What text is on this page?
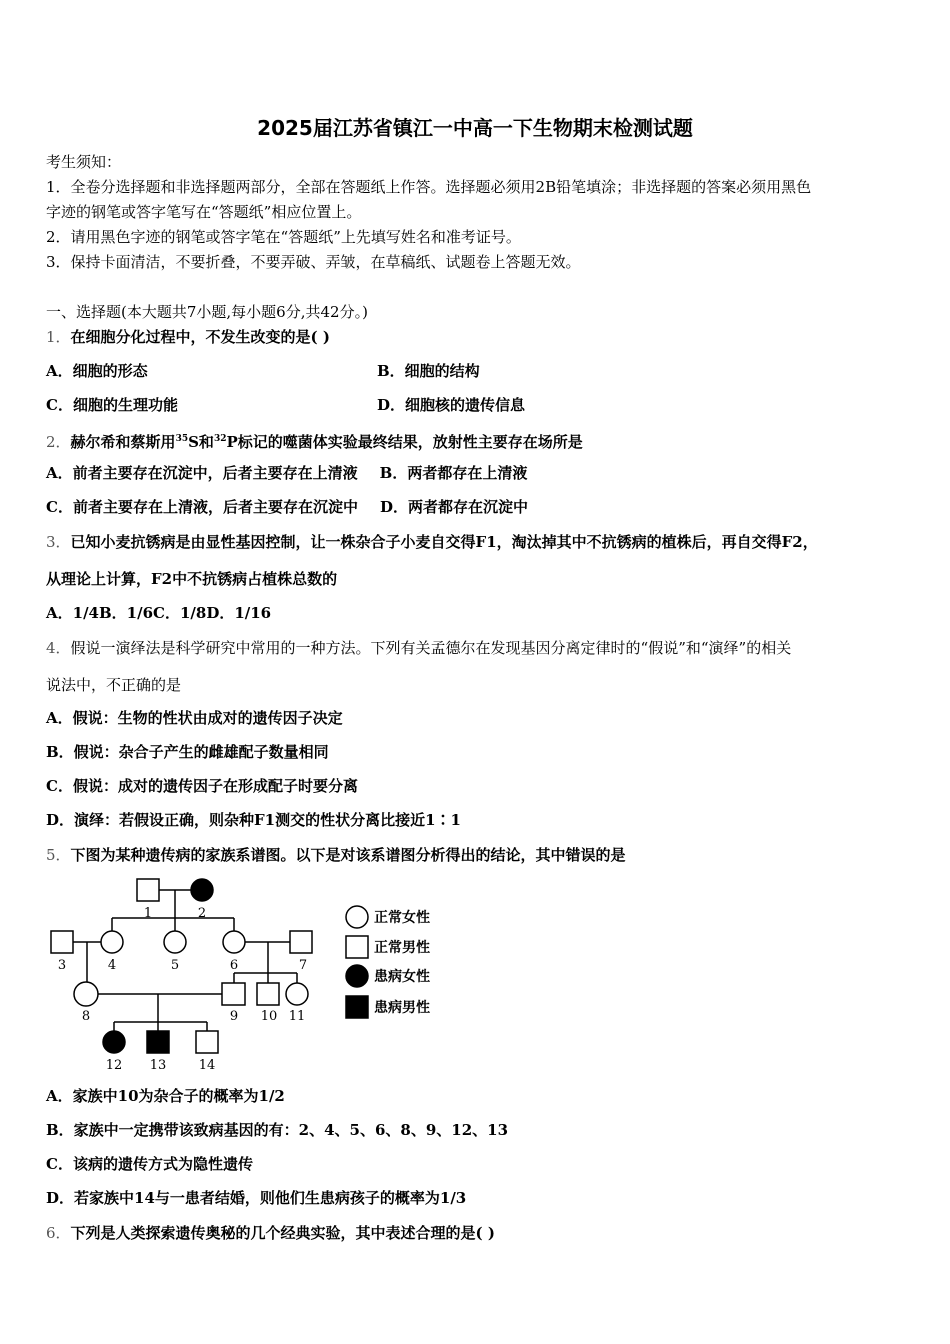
2025届江苏省镇江一中高一下生物期末检测试题
考生须知：
1．全卷分选择题和非选择题两部分，全部在答题纸上作答。选择题必须用2B铅笔填涂；非选择题的答案必须用黑色
字迹的钢笔或答字笔写在“答题纸”相应位置上。
2．请用黑色字迹的钢笔或答字笔在“答题纸”上先填写姓名和准考证号。
3．保持卡面清洁，不要折叠，不要弄破、弄皱，在草稿纸、试题卷上答题无效。
一、选择题(本大题共7小题,每小题6分,共42分。)
1．在细胞分化过程中，不发生改变的是( )
A．细胞的形态	B．细胞的结构
C．细胞的生理功能	D．细胞核的遗传信息
2．赫尔希和蔡斯用$^{35}$S和$^{32}$P标记的噬菌体实验最终结果，放射性主要存在场所是
A．前者主要存在沉淀中，后者主要存在上清液 B．两者都存在上清液
C．前者主要存在上清液，后者主要存在沉淀中 D．两者都存在沉淀中
3．已知小麦抗锈病是由显性基因控制，让一株杂合子小麦自交得F1，淘汰掉其中不抗锈病的植株后，再自交得F2，
从理论上计算，F2中不抗锈病占植株总数的
A．1/4B．1/6C．1/8D．1/16
4．假说一演绎法是科学研究中常用的一种方法。下列有关孟德尔在发现基因分离定律时的“假说”和“演绎”的相关
说法中，不正确的是
A．假说：生物的性状由成对的遗传因子决定
B．假说：杂合子产生的雌雄配子数量相同
C．假说：成对的遗传因子在形成配子时要分离
D．演绎：若假设正确，则杂种F1测交的性状分离比接近1∶1
5．下图为某种遗传病的家族系谱图。以下是对该系谱图分析得出的结论，其中错误的是
1	2
3	4	5	6	7
8	9 10 11
12 13 14
正常女性
正常男性
患病女性
患病男性
A．家族中10为杂合子的概率为1/2
B．家族中一定携带该致病基因的有：2、4、5、6、8、9、12、13
C．该病的遗传方式为隐性遗传
D．若家族中14与一患者结婚，则他们生患病孩子的概率为1/3
6．下列是人类探索遗传奥秘的几个经典实验，其中表述合理的是( )
